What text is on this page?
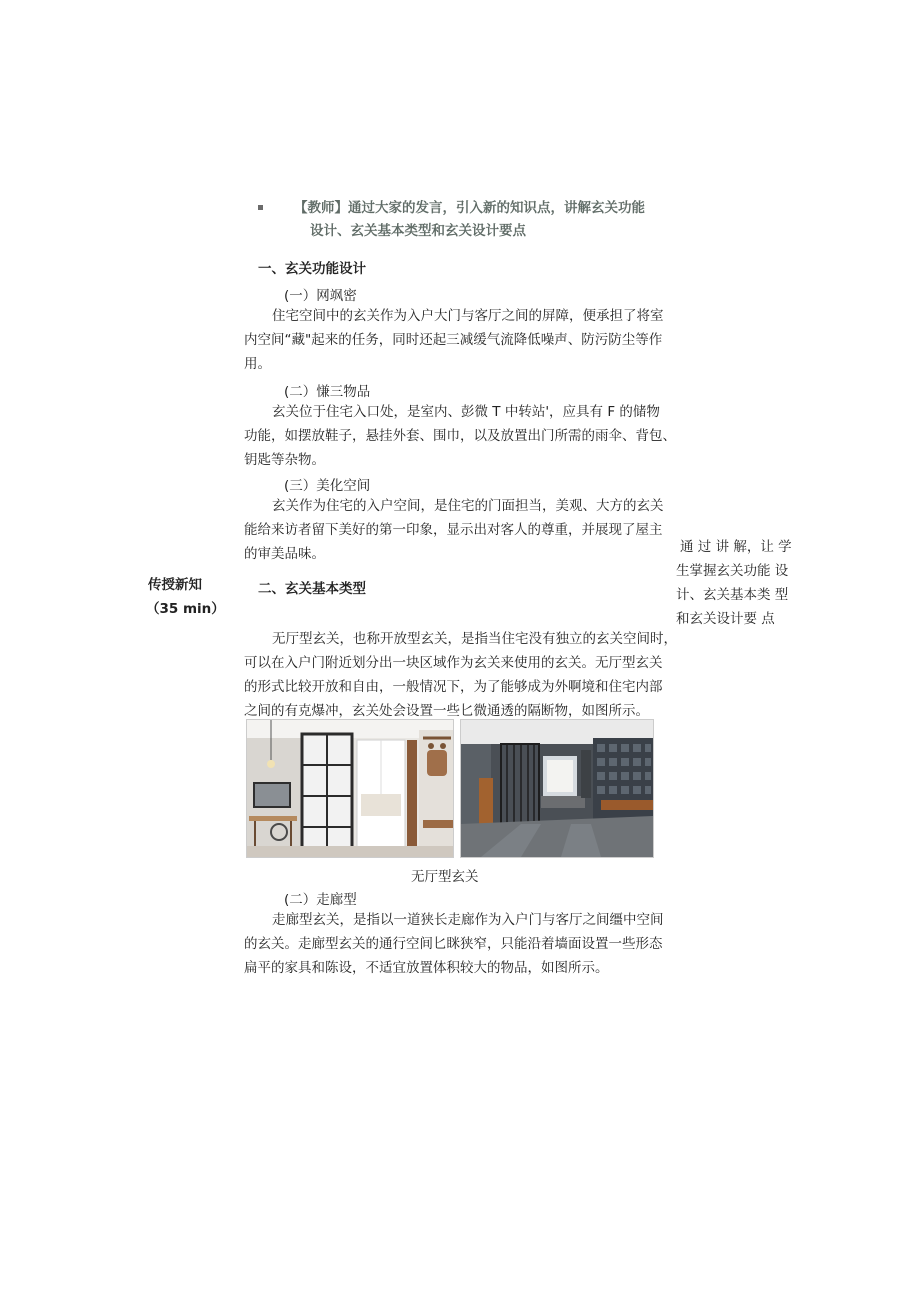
【教师】通过大家的发言，引入新的知识点，讲解玄关功能
设计、玄关基本类型和玄关设计要点
一、玄关功能设计
(一）网飒密
住宅空间中的玄关作为入户大门与客厅之间的屏障，便承担了将室
内空间“藏"起来的任务，同时还起三减缓气流降低噪声、防污防尘等作
用。
(二）慊三物品
玄关位于住宅入口处，是室内、彭微 T 中转站'，应具有 F 的储物
功能，如摆放鞋子，悬挂外套、围巾，以及放置出门所需的雨伞、背包、
钥匙等杂物。
(三）美化空间
玄关作为住宅的入户空间，是住宅的门面担当，美观、大方的玄关
能给来访者留下美好的第一印象，显示出对客人的尊重，并展现了屋主
的审美品味。
传授新知
（35 min）
通 过 讲 解，让 学
生掌握玄关功能 设
计、玄关基本类 型
和玄关设计要 点
二、玄关基本类型
无厅型玄关，也称开放型玄关，是指当住宅没有独立的玄关空间时，
可以在入户门附近划分出一块区域作为玄关来使用的玄关。无厅型玄关
的形式比较开放和自由，一般情况下，为了能够成为外啊境和住宅内部
之间的有克爆冲，玄关处会设置一些匕微通透的隔断物，如图所示。
无厅型玄关
(二）走廊型
走廊型玄关，是指以一道狭长走廊作为入户门与客厅之间缰中空间
的玄关。走廊型玄关的通行空间匕眯狭窄，只能沿着墙面设置一些形态
扁平的家具和陈设，不适宜放置体积较大的物品，如图所示。
